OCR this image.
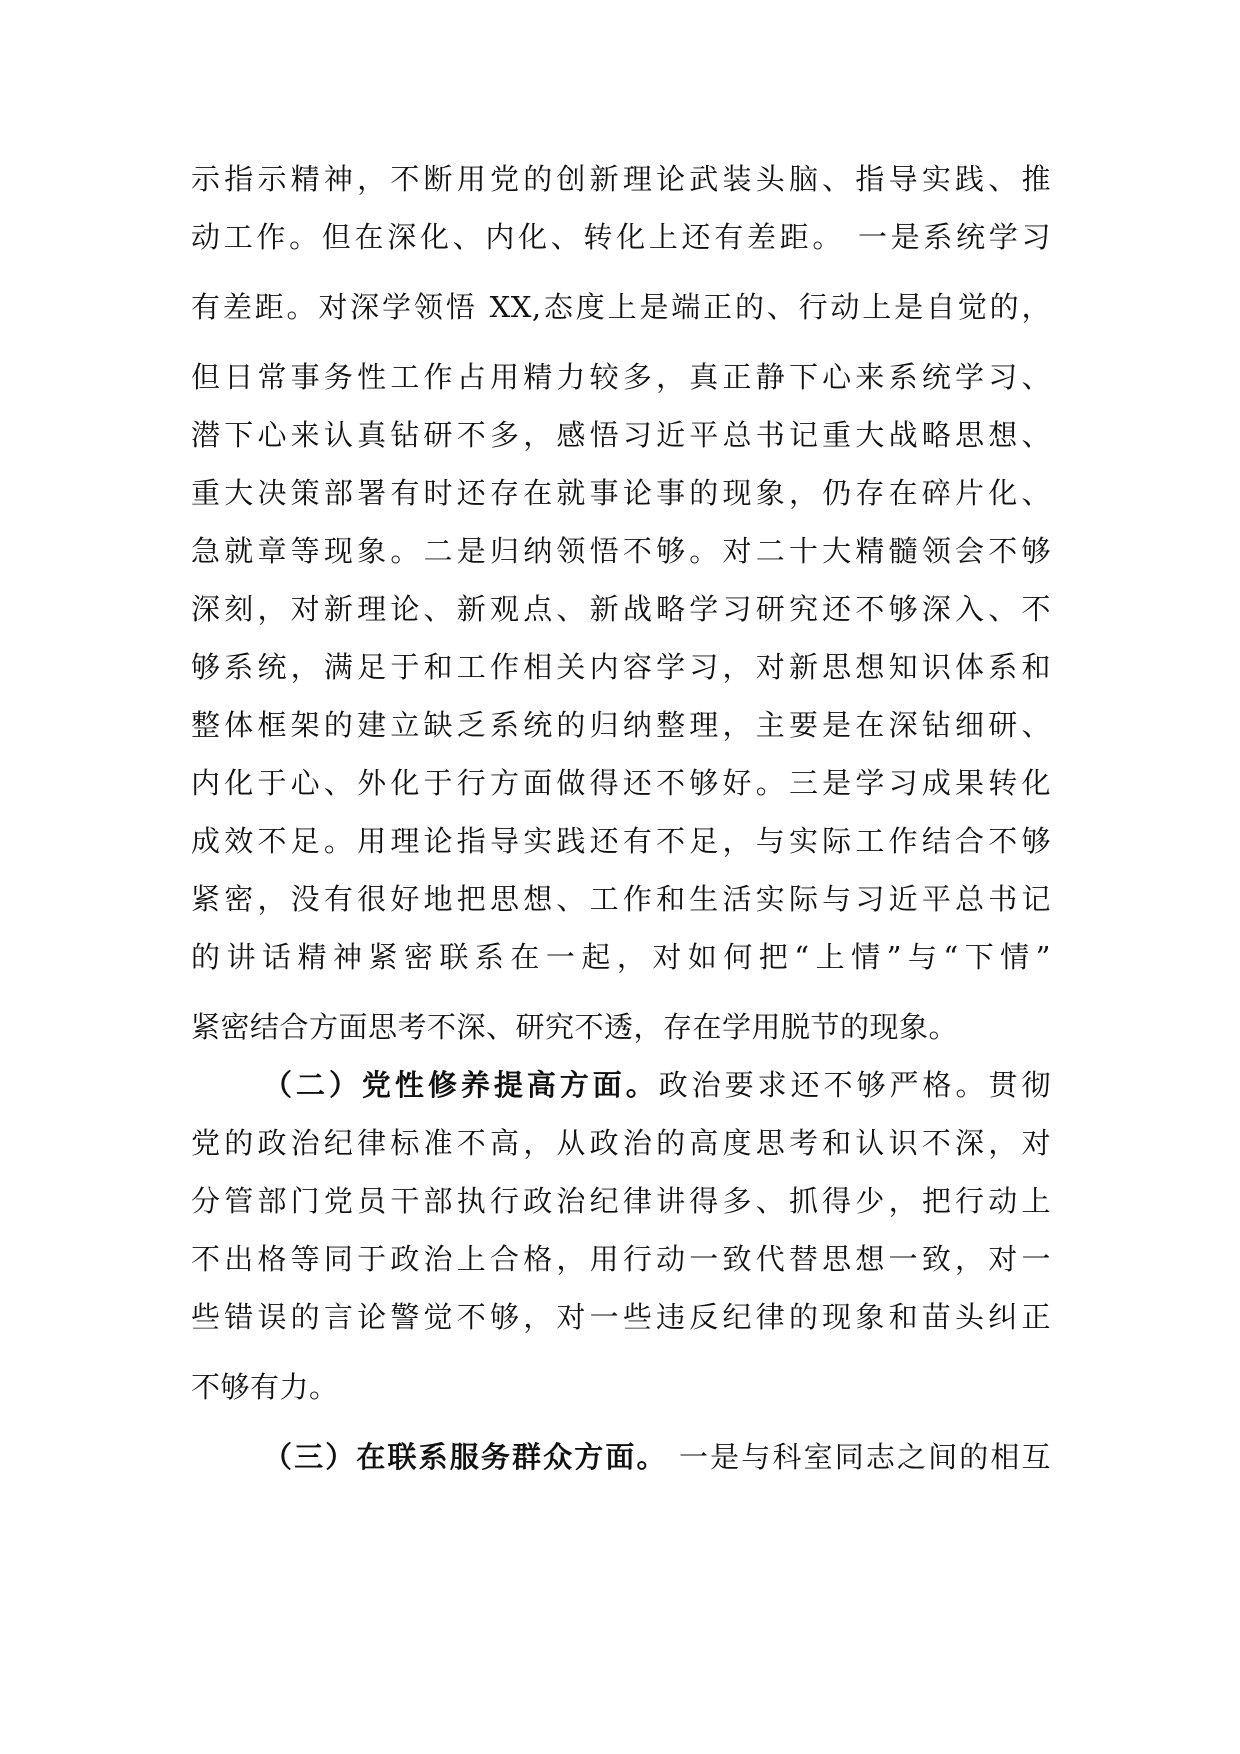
示指示精神，不断用党的创新理论武装头脑、指导实践、推
动工作。但在深化、内化、转化上还有差距。 一是系统学习
有差距。对深学领悟 XX,态度上是端正的、行动上是自觉的，
但日常事务性工作占用精力较多，真正静下心来系统学习、
潜下心来认真钻研不多，感悟习近平总书记重大战略思想、
重大决策部署有时还存在就事论事的现象，仍存在碎片化、
急就章等现象。二是归纳领悟不够。对二十大精髓领会不够
深刻，对新理论、新观点、新战略学习研究还不够深入、不
够系统，满足于和工作相关内容学习，对新思想知识体系和
整体框架的建立缺乏系统的归纳整理，主要是在深钻细研、
内化于心、外化于行方面做得还不够好。三是学习成果转化
成效不足。用理论指导实践还有不足，与实际工作结合不够
紧密，没有很好地把思想、工作和生活实际与习近平总书记
的讲话精神紧密联系在一起，对如何把“上情”与“下情”
紧密结合方面思考不深、研究不透，存在学用脱节的现象。
（二）党性修养提高方面。政治要求还不够严格。贯彻
党的政治纪律标准不高，从政治的高度思考和认识不深，对
分管部门党员干部执行政治纪律讲得多、抓得少，把行动上
不出格等同于政治上合格，用行动一致代替思想一致，对一
些错误的言论警觉不够，对一些违反纪律的现象和苗头纠正
不够有力。
（三）在联系服务群众方面。 一是与科室同志之间的相互
